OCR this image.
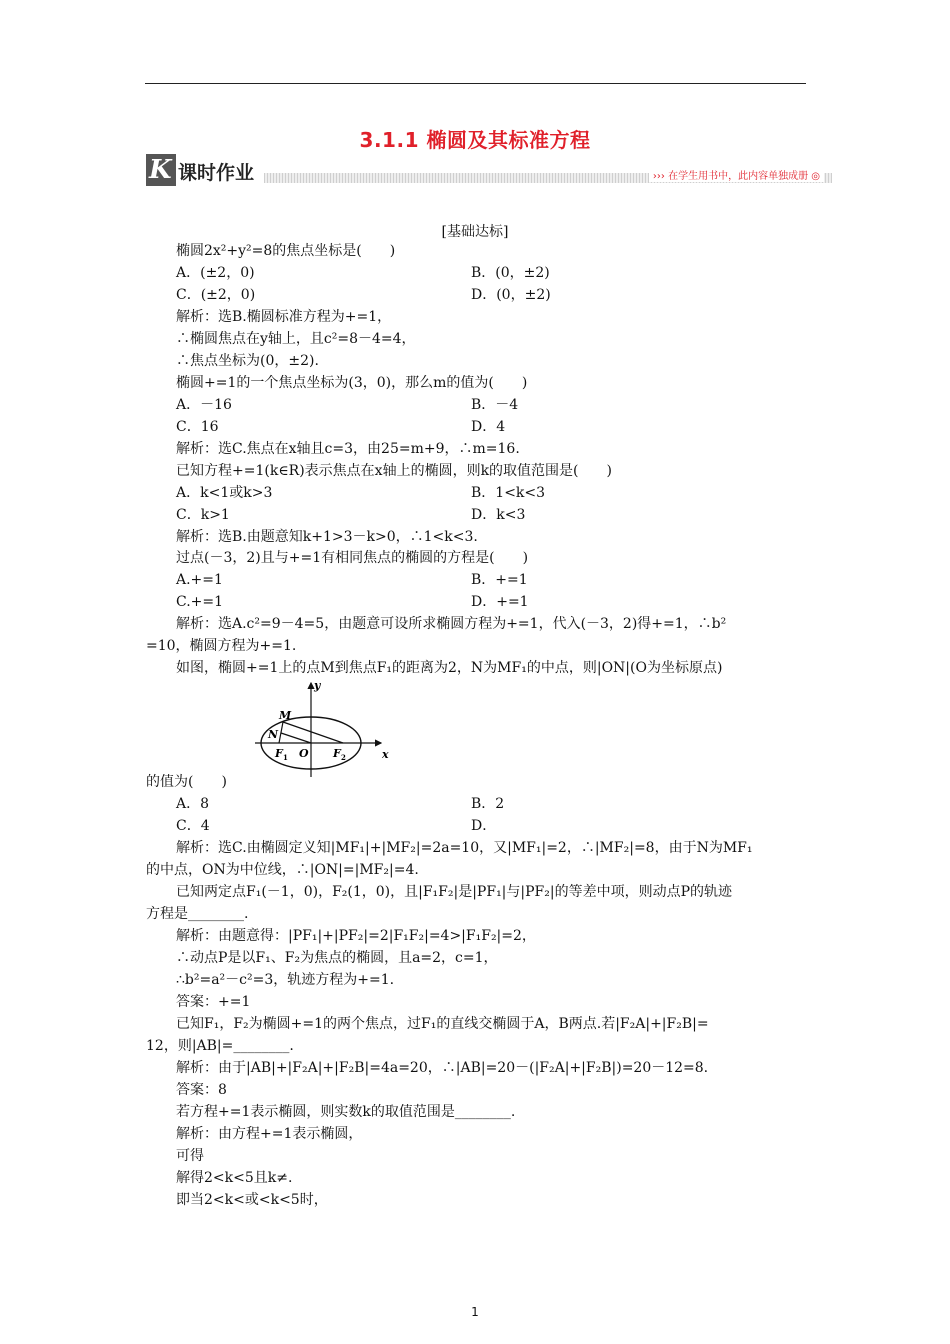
3.1.1 椭圆及其标准方程
K 课时作业	››› 在学生用书中，此内容单独成册 ◎
[基础达标]
椭圆2x²+y²=8的焦点坐标是(　　)
A．(±2，0)	B．(0，±2)
C．(±2，0)	D．(0，±2)
解析：选B.椭圆标准方程为+=1，
∴椭圆焦点在y轴上，且c²=8－4=4，
∴焦点坐标为(0，±2).
椭圆+=1的一个焦点坐标为(3，0)，那么m的值为(　　)
A．－16	B．－4
C．16	D．4
解析：选C.焦点在x轴且c=3，由25=m+9，∴m=16.
已知方程+=1(k∈R)表示焦点在x轴上的椭圆，则k的取值范围是(　　)
A．k<1或k>3	B．1<k<3
C．k>1	D．k<3
解析：选B.由题意知k+1>3－k>0，∴1<k<3.
过点(－3，2)且与+=1有相同焦点的椭圆的方程是(　　)
A.+=1	B．+=1
C.+=1	D．+=1
解析：选A.c²=9－4=5，由题意可设所求椭圆方程为+=1，代入(－3，2)得+=1，∴b²
=10，椭圆方程为+=1.
如图，椭圆+=1上的点M到焦点F₁的距离为2，N为MF₁的中点，则|ON|(O为坐标原点)
y
x
M
N
F 1 O F 2
的值为(　　)
A．8	B．2
C．4	D．
解析：选C.由椭圆定义知|MF₁|+|MF₂|=2a=10，又|MF₁|=2，∴|MF₂|=8，由于N为MF₁
的中点，ON为中位线，∴|ON|=|MF₂|=4.
已知两定点F₁(－1，0)，F₂(1，0)，且|F₁F₂|是|PF₁|与|PF₂|的等差中项，则动点P的轨迹
方程是________.
解析：由题意得：|PF₁|+|PF₂|=2|F₁F₂|=4>|F₁F₂|=2，
∴动点P是以F₁、F₂为焦点的椭圆，且a=2，c=1，
∴b²=a²－c²=3，轨迹方程为+=1.
答案：+=1
已知F₁，F₂为椭圆+=1的两个焦点，过F₁的直线交椭圆于A，B两点.若|F₂A|+|F₂B|=
12，则|AB|=________.
解析：由于|AB|+|F₂A|+|F₂B|=4a=20，∴|AB|=20－(|F₂A|+|F₂B|)=20－12=8.
答案：8
若方程+=1表示椭圆，则实数k的取值范围是________.
解析：由方程+=1表示椭圆，
可得
解得2<k<5且k≠.
即当2<k<或<k<5时，
1
